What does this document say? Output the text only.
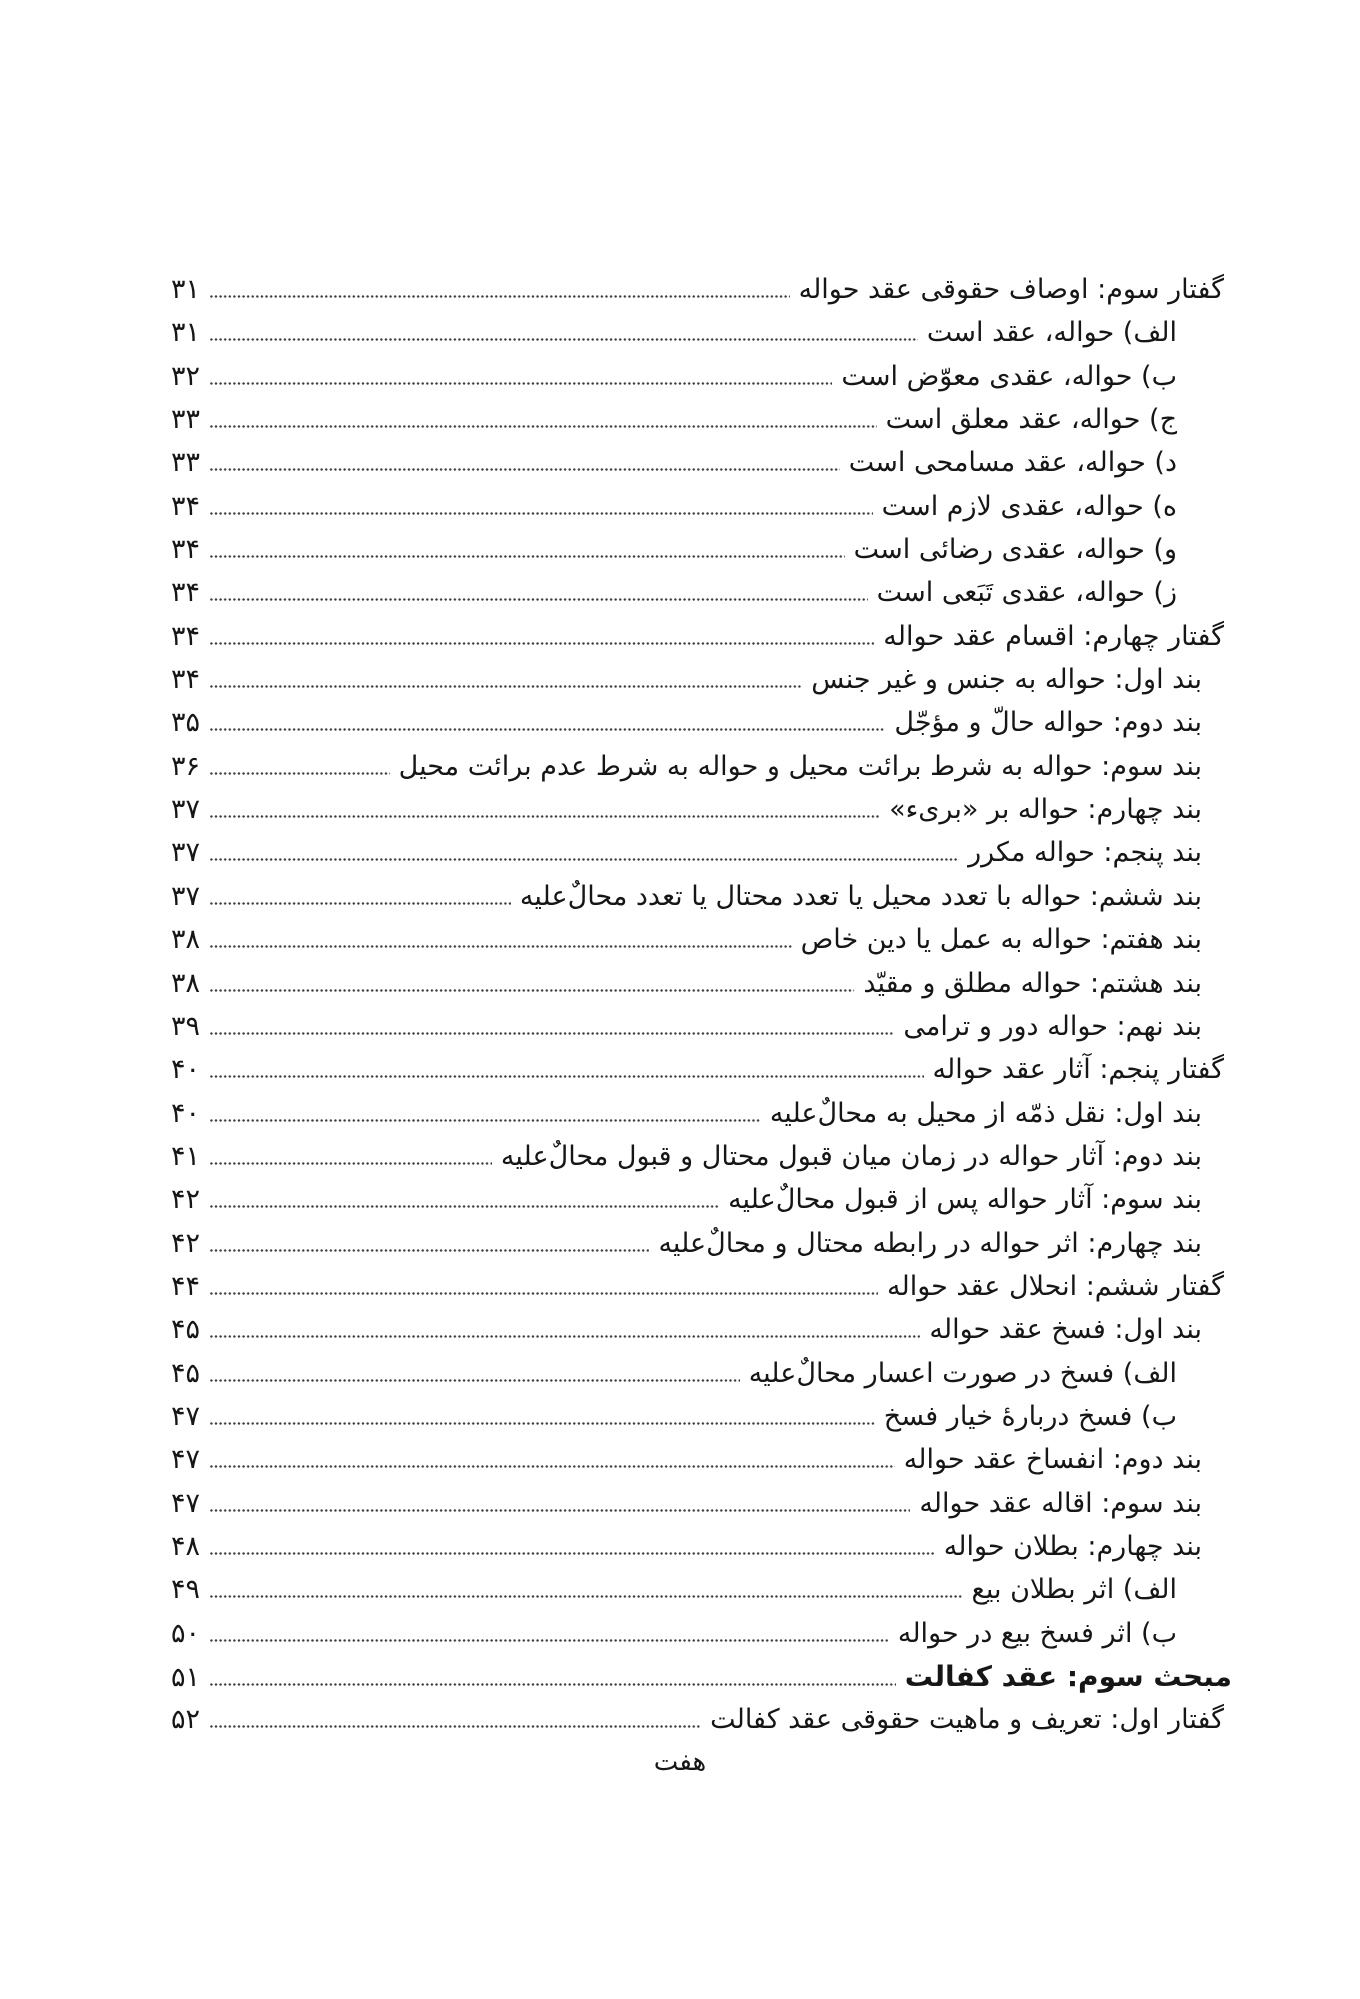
گفتار سوم: اوصاف حقوقی عقد حواله
۳۱
الف) حواله، عقد است
۳۱
ب) حواله، عقدی معوّض است
۳۲
ج) حواله، عقد معلق است
۳۳
د) حواله، عقد مسامحی است
۳۳
ه) حواله، عقدی لازم است
۳۴
و) حواله، عقدی رضائی است
۳۴
ز) حواله، عقدی تَبَعی است
۳۴
گفتار چهارم: اقسام عقد حواله
۳۴
بند اول: حواله به جنس و غیر جنس
۳۴
بند دوم: حواله حالّ و مؤجّل
۳۵
بند سوم: حواله به شرط برائت محیل و حواله به شرط عدم برائت محیل
۳۶
بند چهارم: حواله بر «بریء»
۳۷
بند پنجم: حواله مکرر
۳۷
بند ششم: حواله با تعدد محیل یا تعدد محتال یا تعدد محالٌ‌علیه
۳۷
بند هفتم: حواله به عمل یا دین خاص
۳۸
بند هشتم: حواله مطلق و مقیّد
۳۸
بند نهم: حواله دور و ترامی
۳۹
گفتار پنجم: آثار عقد حواله
۴۰
بند اول: نقل ذمّه از محیل به محالٌ‌علیه
۴۰
بند دوم: آثار حواله در زمان میان قبول محتال و قبول محالٌ‌علیه
۴۱
بند سوم: آثار حواله پس از قبول محالٌ‌علیه
۴۲
بند چهارم: اثر حواله در رابطه محتال و محالٌ‌علیه
۴۲
گفتار ششم: انحلال عقد حواله
۴۴
بند اول: فسخ عقد حواله
۴۵
الف) فسخ در صورت اعسار محالٌ‌علیه
۴۵
ب) فسخ دربارۀ خیار فسخ
۴۷
بند دوم: انفساخ عقد حواله
۴۷
بند سوم: اقاله عقد حواله
۴۷
بند چهارم: بطلان حواله
۴۸
الف) اثر بطلان بیع
۴۹
ب) اثر فسخ بیع در حواله
۵۰
مبحث سوم: عقد کفالت
۵۱
گفتار اول: تعریف و ماهیت حقوقی عقد کفالت
۵۲
هفت
